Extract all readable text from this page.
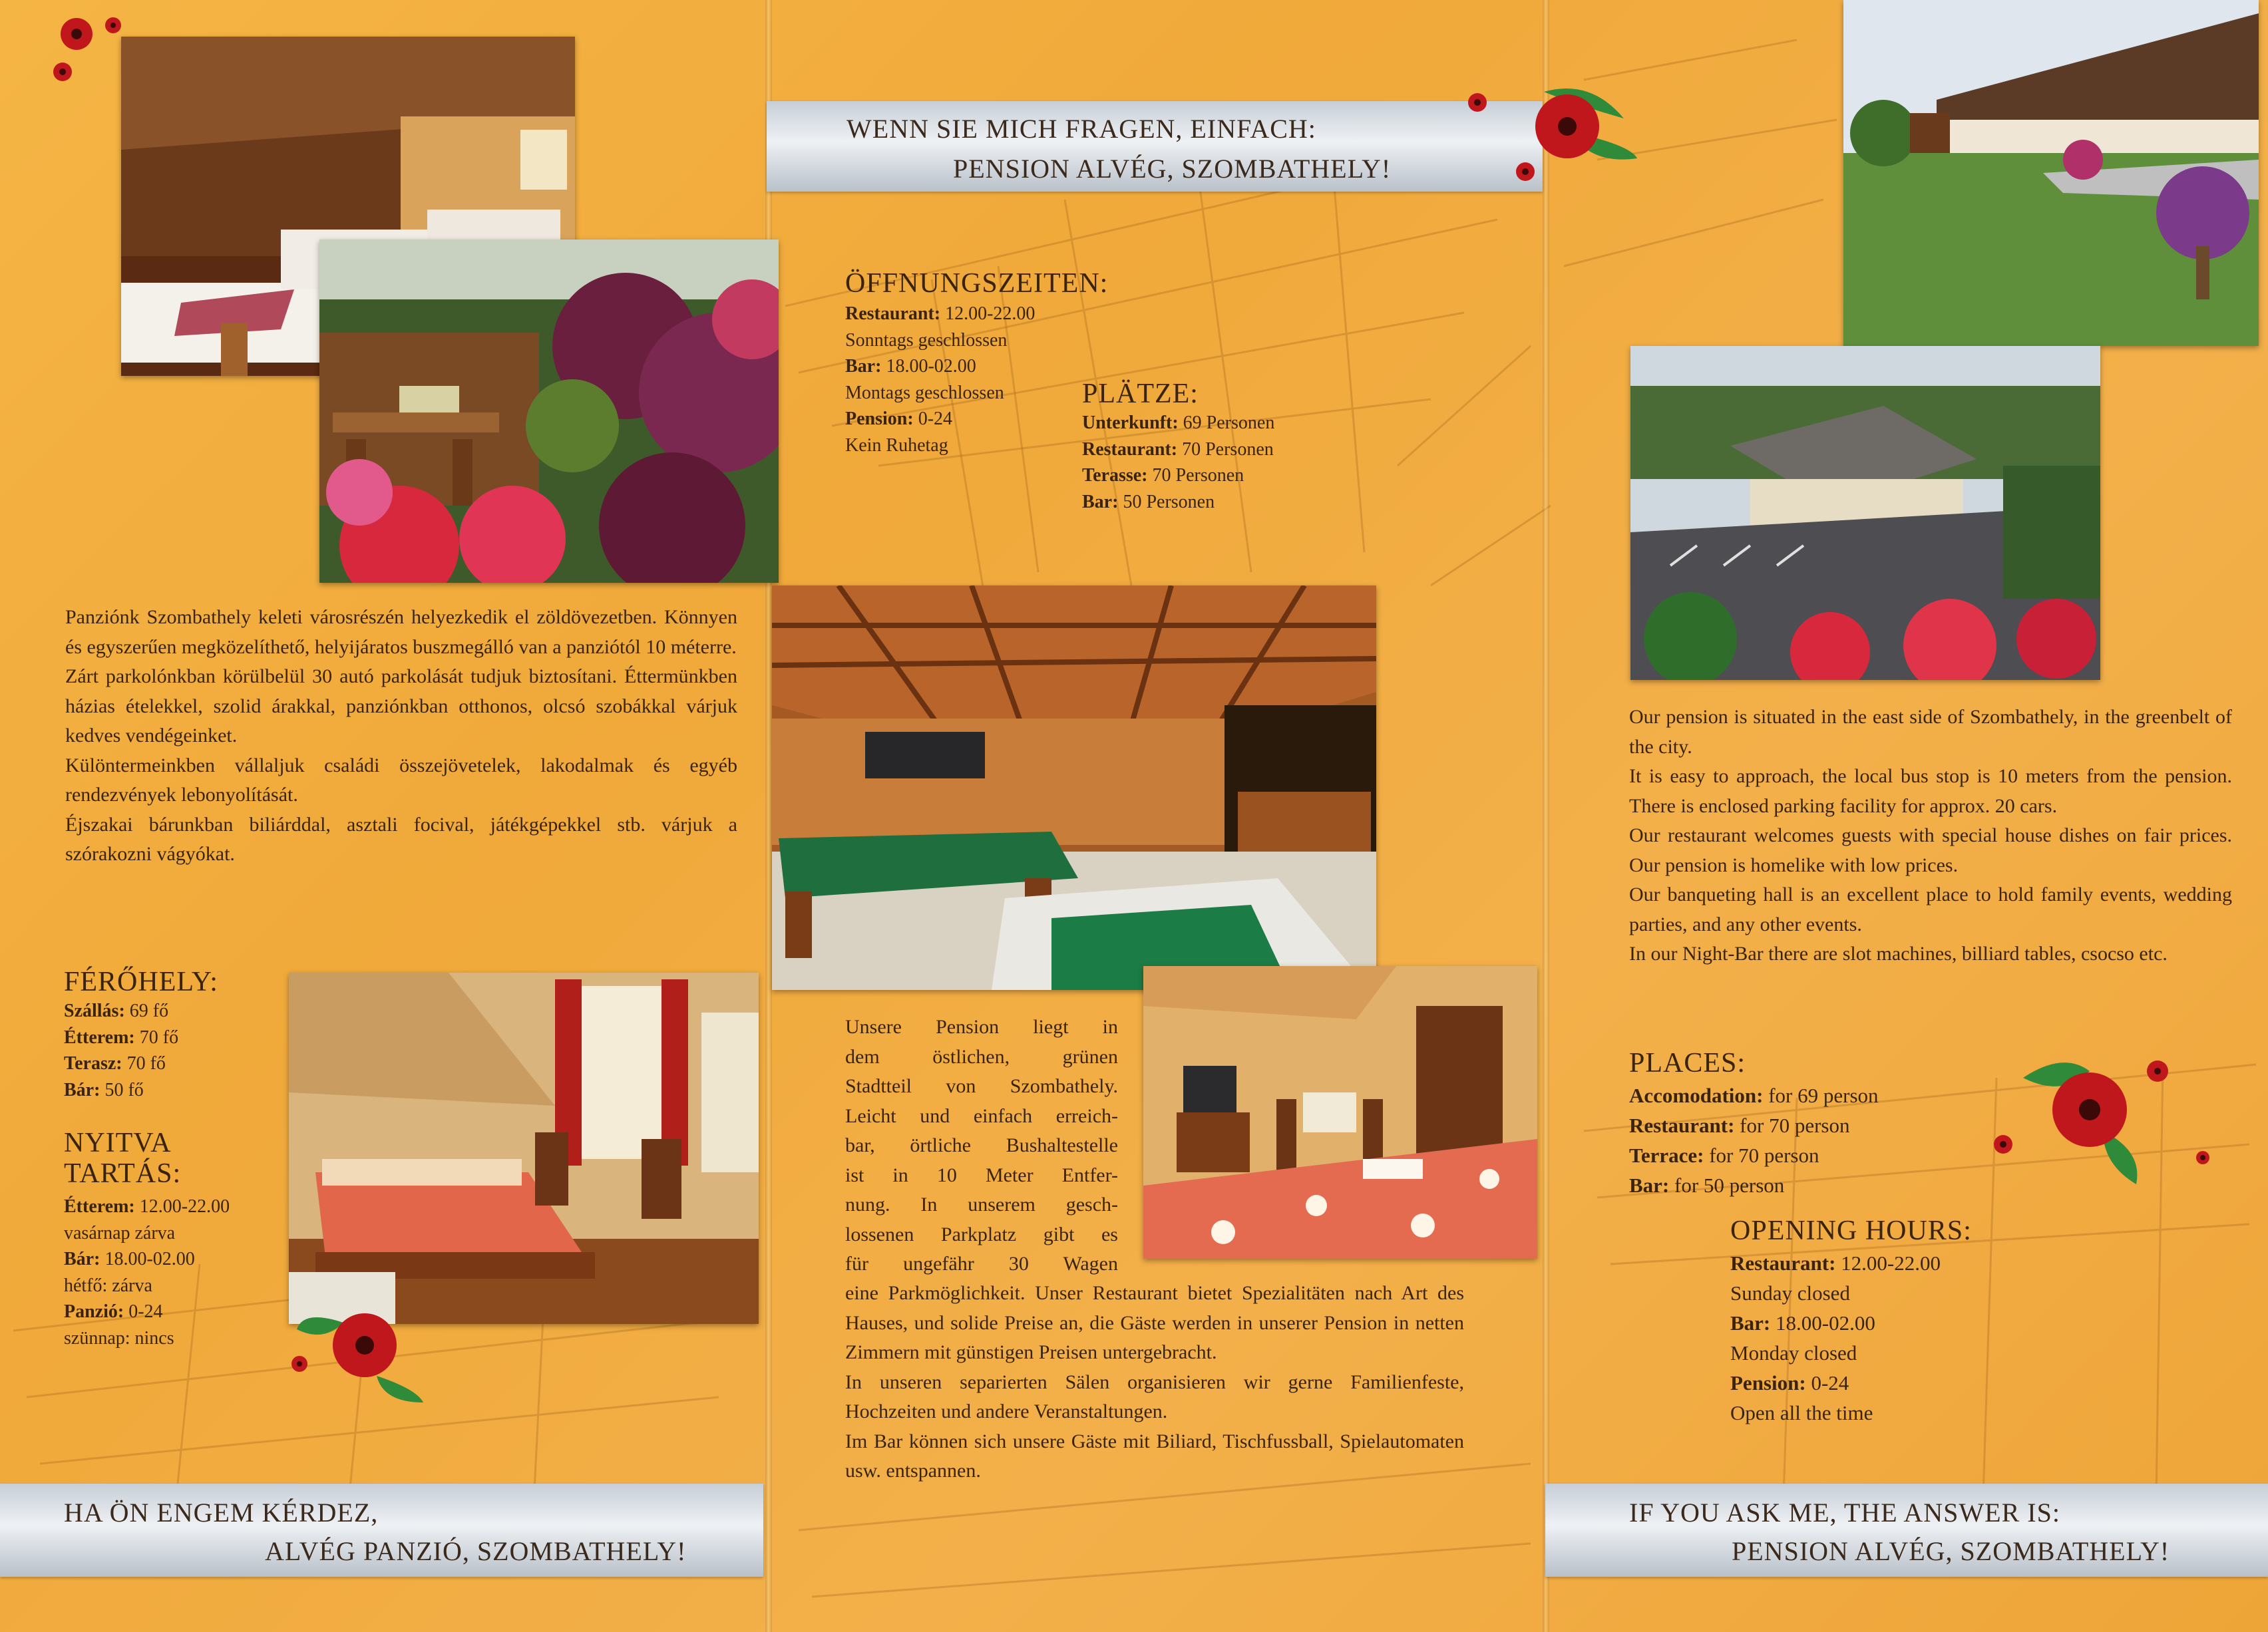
Panziónk Szombathely keleti városrészén helyezkedik el zöldövezetben. Könnyen és egyszerűen megközelíthető, helyijáratos buszmegálló van a panziótól 10 méterre.

Zárt parkolónkban körülbelül 30 autó parkolását tudjuk biztosítani. Éttermünkben házias ételekkel, szolid árakkal, panziónkban otthonos, olcsó szobákkal várjuk kedves vendégeinket.

Különtermeinkben vállaljuk családi összejövetelek, lakodalmak és egyéb rendezvények lebonyolítását.

Éjszakai bárunkban biliárddal, asztali focival, játékgépekkel stb. várjuk a szórakozni vágyókat.

FÉRŐHELY:
Szállás: 69 fő
Étterem: 70 fő
Terasz: 70 fő
Bár: 50 fő
NYITVA
TARTÁS:
Étterem: 12.00-22.00
vasárnap zárva
Bár: 18.00-02.00
hétfő: zárva
Panzió: 0-24
szünnap: nincs
HA ÖN ENGEM KÉRDEZ,
ALVÉG PANZIÓ, SZOMBATHELY!
WENN SIE MICH FRAGEN, EINFACH:
PENSION ALVÉG, SZOMBATHELY!
ÖFFNUNGSZEITEN:
Restaurant: 12.00-22.00
Sonntags geschlossen
Bar: 18.00-02.00
Montags geschlossen
Pension: 0-24
Kein Ruhetag
PLÄTZE:
Unterkunft: 69 Personen
Restaurant: 70 Personen
Terasse: 70 Personen
Bar: 50 Personen

Unsere Pension liegt in

dem östlichen, grünen

Stadtteil von Szombathely.

Leicht und einfach erreich-

bar, örtliche Bushaltestelle

ist in 10 Meter Entfer-

nung. In unserem gesch-

lossenen Parkplatz gibt es

für ungefähr 30 Wagen

eine Parkmöglichkeit. Unser Restaurant bietet Spezialitäten nach Art des Hauses, und solide Preise an, die Gäste werden in unserer Pension in netten Zimmern mit günstigen Preisen untergebracht.

In unseren separierten Sälen organisieren wir gerne Familienfeste, Hochzeiten und andere Veranstaltungen.

Im Bar können sich unsere Gäste mit Biliard, Tischfussball, Spielautomaten usw. entspannen.

Our pension is situated in the east side of Szombathely, in the greenbelt of the city.

It is easy to approach, the local bus stop is 10 meters from the pension. There is enclosed parking facility for approx. 20 cars.

Our restaurant welcomes guests with special house dishes on fair prices. Our pension is homelike with low prices.

Our banqueting hall is an excellent place to hold family events, wedding parties, and any other events.

In our Night-Bar there are slot machines, billiard tables, csocso etc.

PLACES:
Accomodation: for 69 person
Restaurant: for 70 person
Terrace: for 70 person
Bar: for 50 person
OPENING HOURS:
Restaurant: 12.00-22.00
Sunday closed
Bar: 18.00-02.00
Monday closed
Pension: 0-24
Open all the time
IF YOU ASK ME, THE ANSWER IS:
PENSION ALVÉG, SZOMBATHELY!
